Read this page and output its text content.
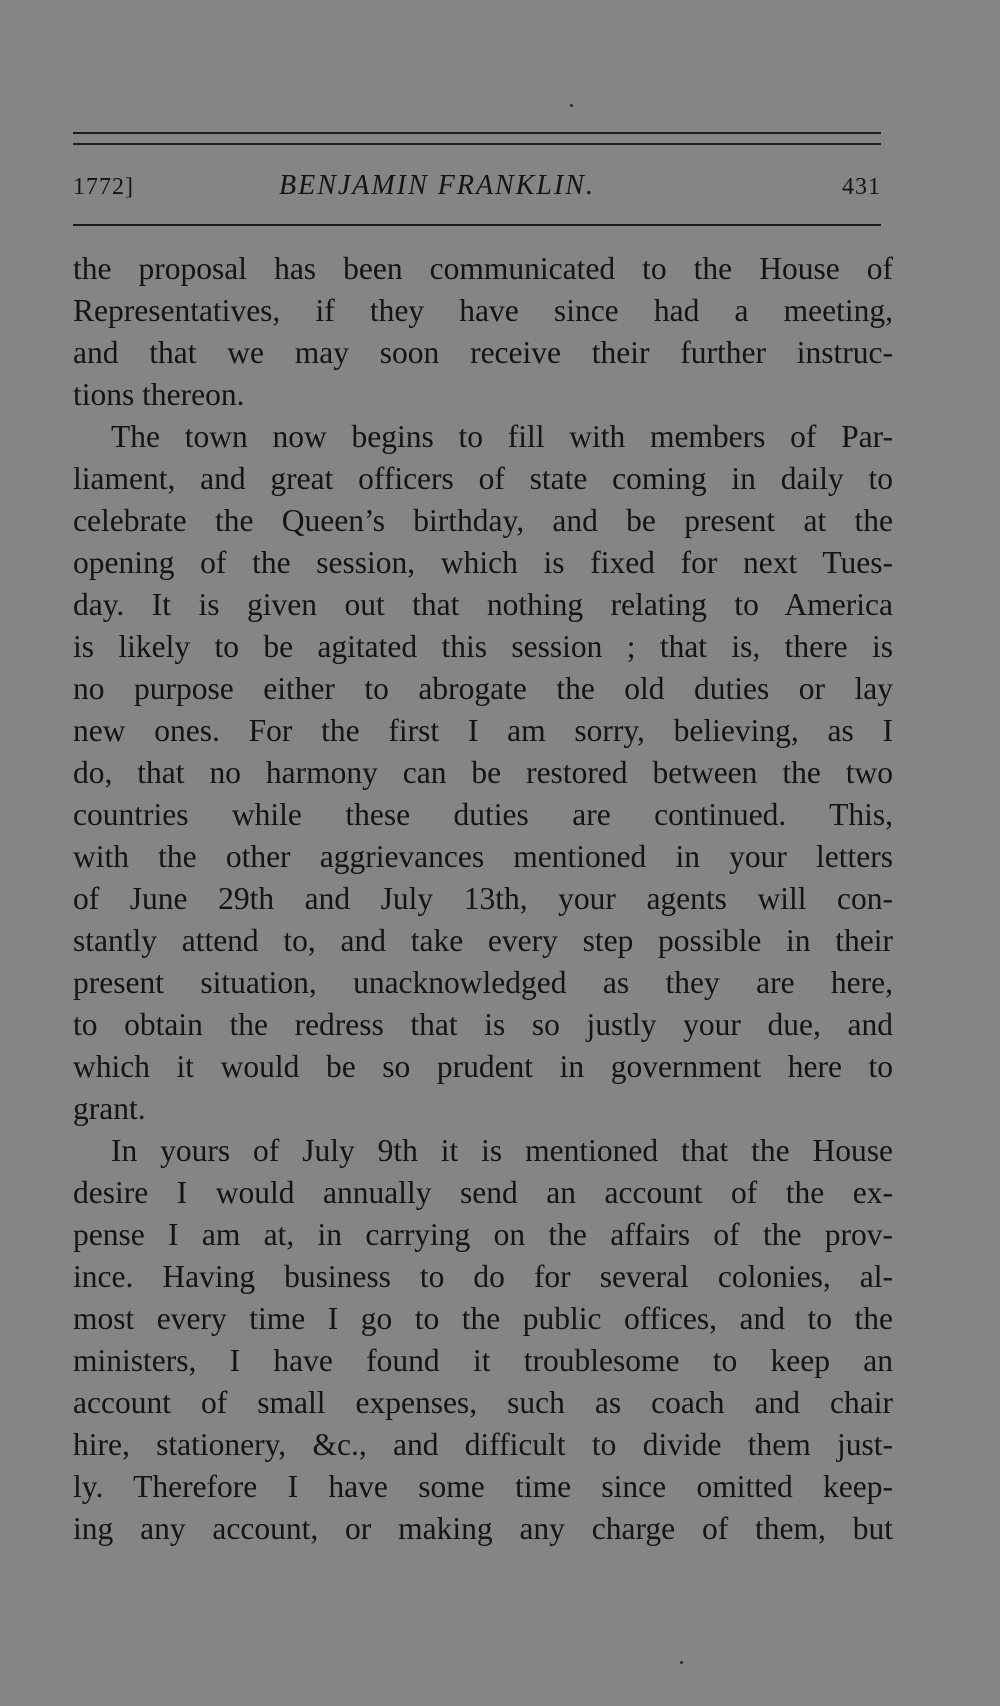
1772]	BENJAMIN FRANKLIN.	431
the proposal has been communicated to the House of
Representatives, if they have since had a meeting,
and that we may soon receive their further instruc-
tions thereon.
The town now begins to fill with members of Par-
liament, and great officers of state coming in daily to
celebrate the Queen’s birthday, and be present at the
opening of the session, which is fixed for next Tues-
day. It is given out that nothing relating to America
is likely to be agitated this session ; that is, there is
no purpose either to abrogate the old duties or lay
new ones. For the first I am sorry, believing, as I
do, that no harmony can be restored between the two
countries while these duties are continued. This,
with the other aggrievances mentioned in your letters
of June 29th and July 13th, your agents will con-
stantly attend to, and take every step possible in their
present situation, unacknowledged as they are here,
to obtain the redress that is so justly your due, and
which it would be so prudent in government here to
grant.
In yours of July 9th it is mentioned that the House
desire I would annually send an account of the ex-
pense I am at, in carrying on the affairs of the prov-
ince. Having business to do for several colonies, al-
most every time I go to the public offices, and to the
ministers, I have found it troublesome to keep an
account of small expenses, such as coach and chair
hire, stationery, &c., and difficult to divide them just-
ly. Therefore I have some time since omitted keep-
ing any account, or making any charge of them, but
